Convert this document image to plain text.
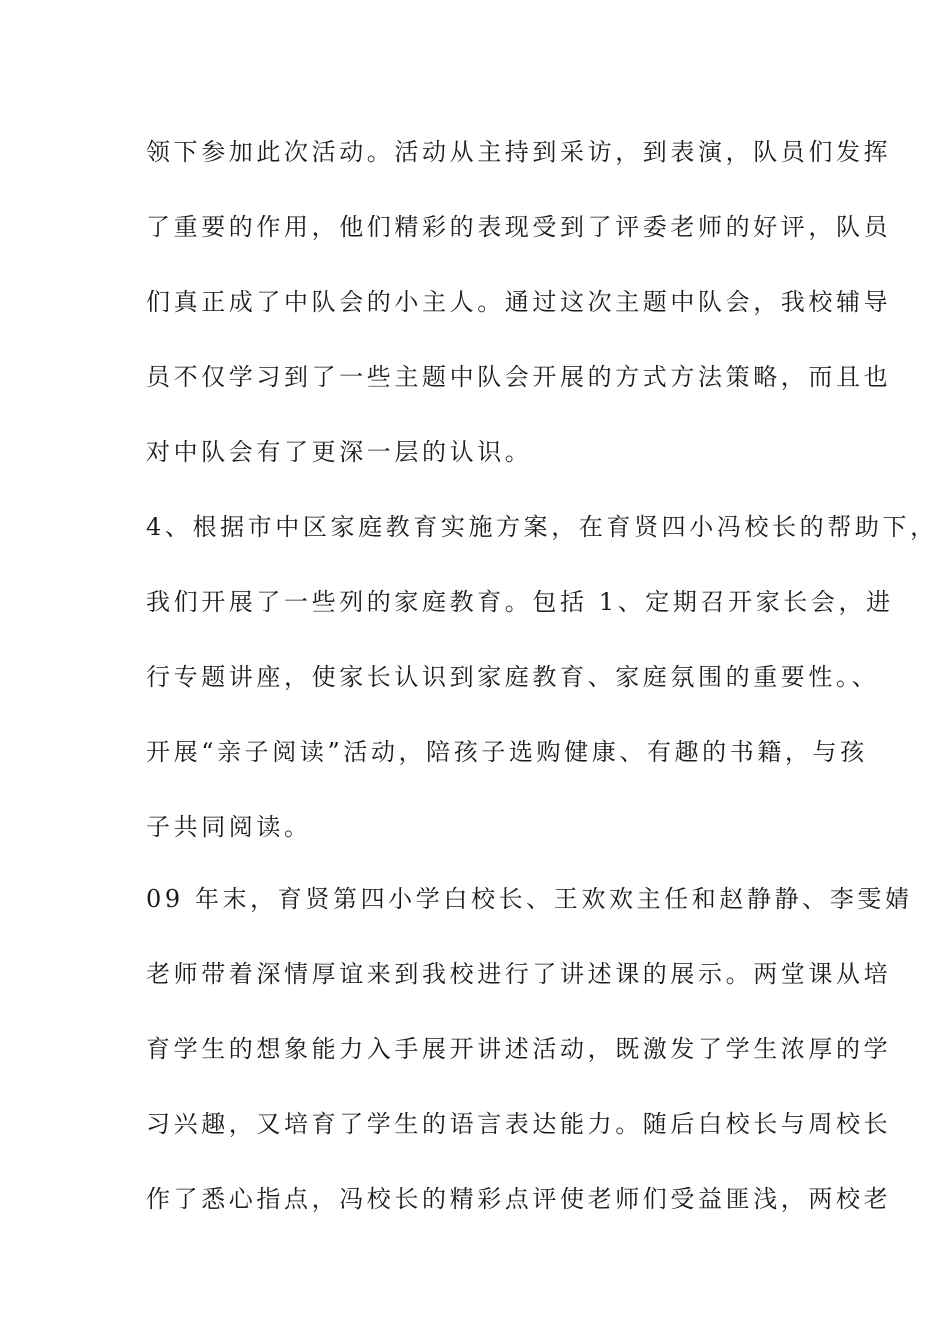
领下参加此次活动。活动从主持到采访，到表演，队员们发挥
了重要的作用，他们精彩的表现受到了评委老师的好评，队员
们真正成了中队会的小主人。通过这次主题中队会，我校辅导
员不仅学习到了一些主题中队会开展的方式方法策略，而且也
对中队会有了更深一层的认识。
4、根据市中区家庭教育实施方案，在育贤四小冯校长的帮助下，
我们开展了一些列的家庭教育。包括 1、定期召开家长会，进
行专题讲座，使家长认识到家庭教育、家庭氛围的重要性。、
开展“亲子阅读”活动，陪孩子选购健康、有趣的书籍，与孩
子共同阅读。
09 年末，育贤第四小学白校长、王欢欢主任和赵静静、李雯婧
老师带着深情厚谊来到我校进行了讲述课的展示。两堂课从培
育学生的想象能力入手展开讲述活动，既激发了学生浓厚的学
习兴趣，又培育了学生的语言表达能力。随后白校长与周校长
作了悉心指点，冯校长的精彩点评使老师们受益匪浅，两校老
